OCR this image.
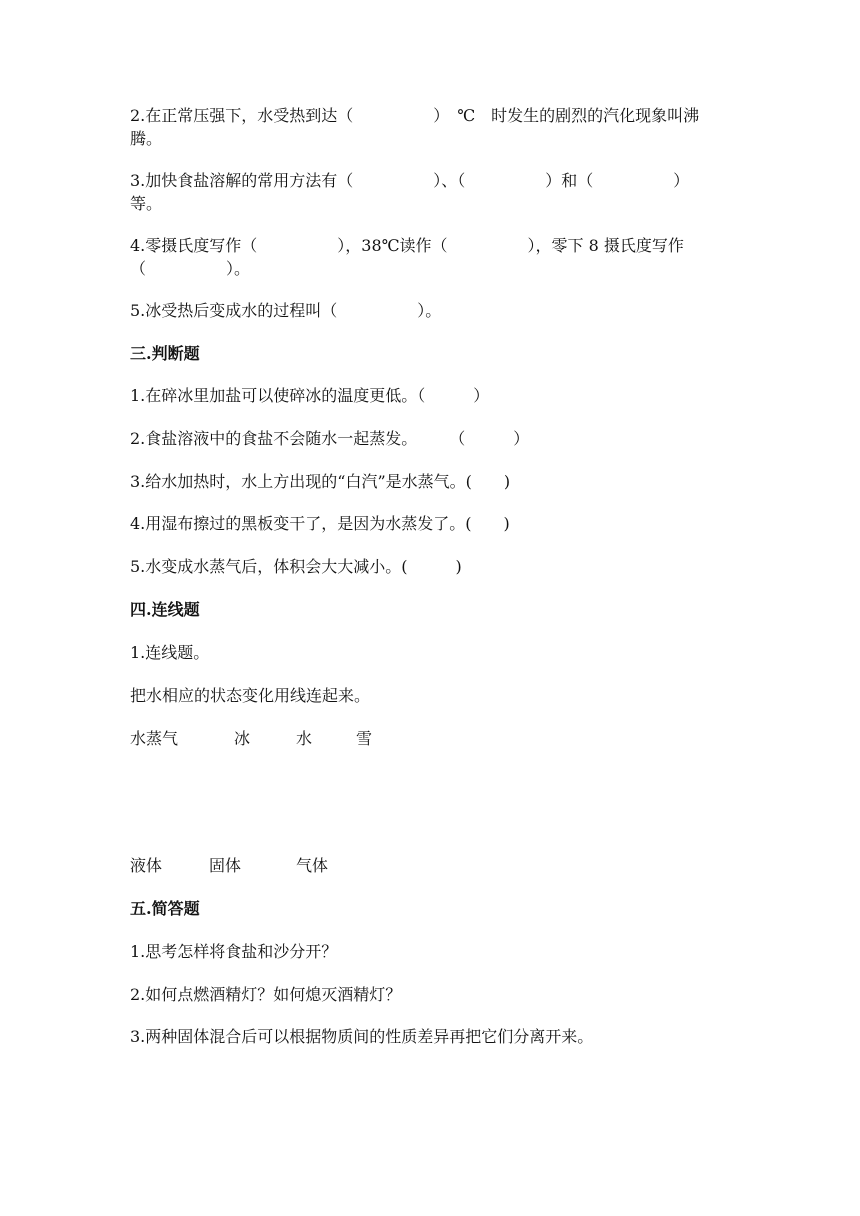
2.在正常压强下，水受热到达（　　　　　）　℃　时发生的剧烈的汽化现象叫沸
腾。
3.加快食盐溶解的常用方法有（　　　　　）、（　　　　　）和（　　　　　）
等。
4.零摄氏度写作（　　　　　），38℃读作（　　　　　），零下 8 摄氏度写作
（　　　　　）。
5.冰受热后变成水的过程叫（　　　　　）。
三.判断题
1.在碎冰里加盐可以使碎冰的温度更低。（　　　）
2.食盐溶液中的食盐不会随水一起蒸发。　　　（　　　）
3.给水加热时，水上方出现的“白汽”是水蒸气。(　　)
4.用湿布擦过的黑板变干了，是因为水蒸发了。(　　)
5.水变成水蒸气后，体积会大大减小。(　　　)
四.连线题
1.连线题。
把水相应的状态变化用线连起来。
水蒸气	冰	水	雪
液体	固体	气体
五.简答题
1.思考怎样将食盐和沙分开？
2.如何点燃酒精灯？如何熄灭酒精灯？
3.两种固体混合后可以根据物质间的性质差异再把它们分离开来。
